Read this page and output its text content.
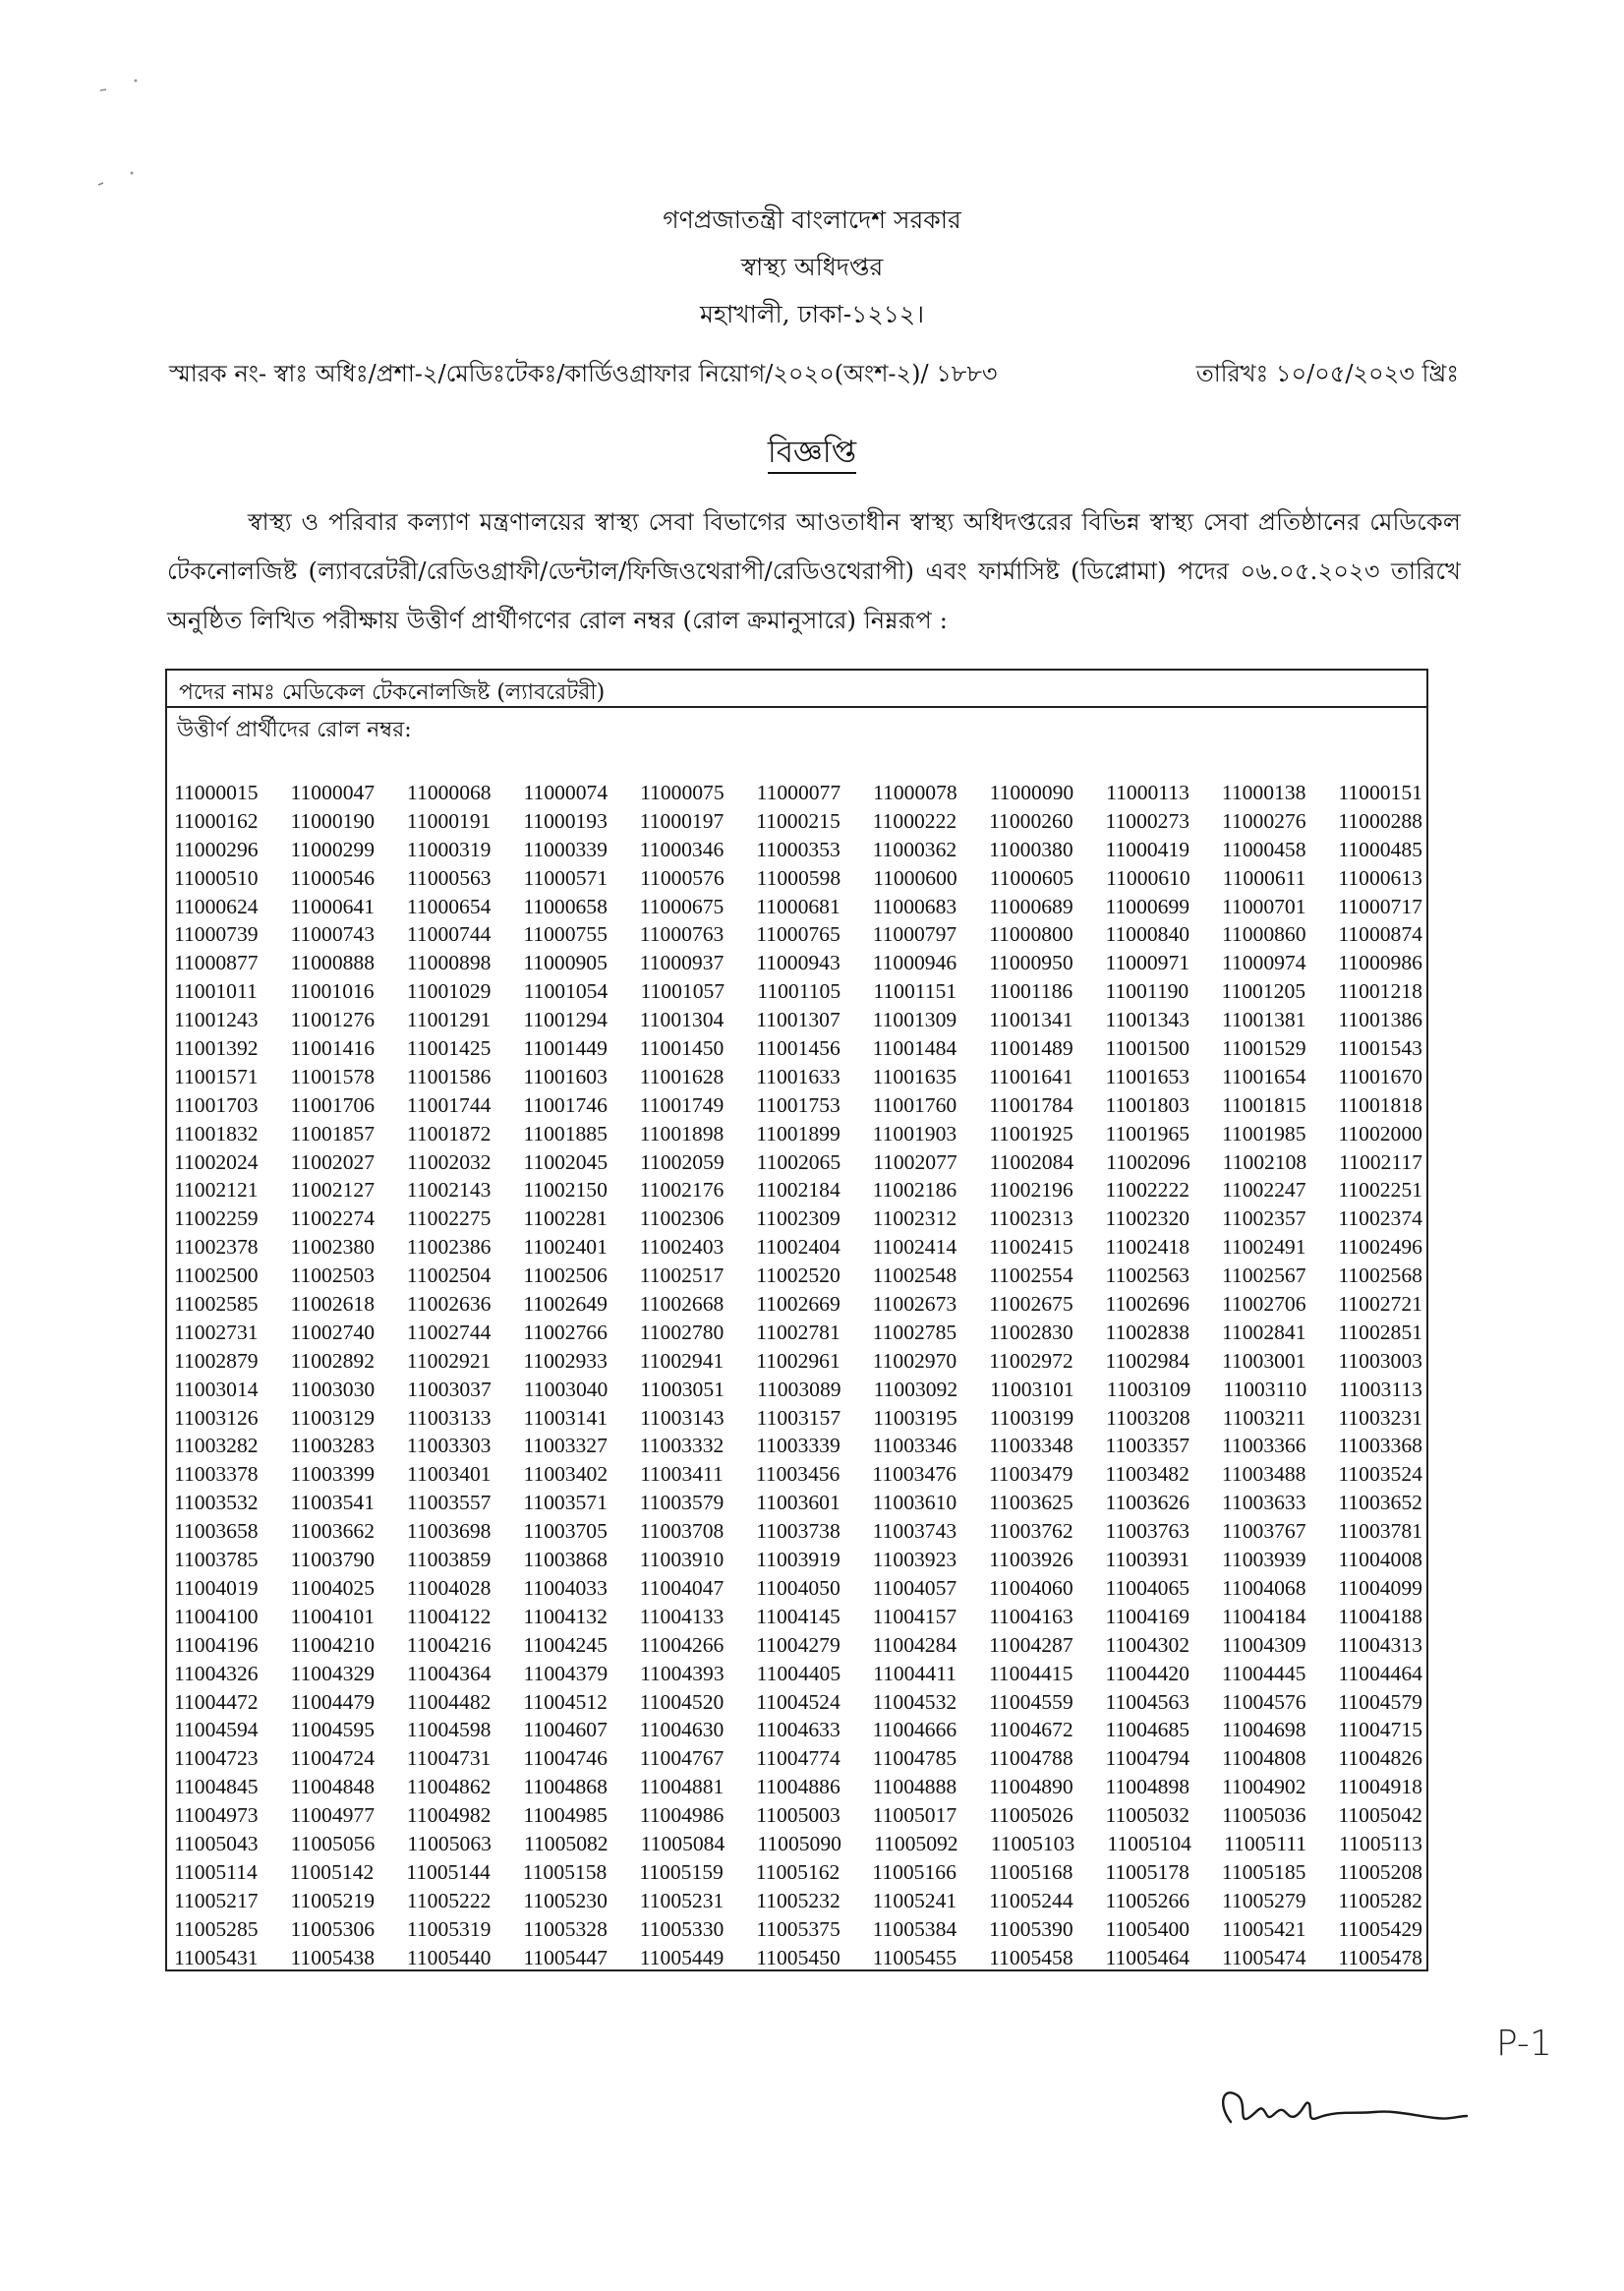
গণপ্রজাতন্ত্রী বাংলাদেশ সরকার
স্বাস্থ্য অধিদপ্তর
মহাখালী, ঢাকা-১২১২।
স্মারক নং- স্বাঃ অধিঃ/প্রশা-২/মেডিঃটেকঃ/কার্ডিওগ্রাফার নিয়োগ/২০২০(অংশ-২)/ ১৮৮৩	তারিখঃ ১০/০৫/২০২৩ খ্রিঃ
বিজ্ঞপ্তি
স্বাস্থ্য ও পরিবার কল্যাণ মন্ত্রণালয়ের স্বাস্থ্য সেবা বিভাগের আওতাধীন স্বাস্থ্য অধিদপ্তরের বিভিন্ন স্বাস্থ্য সেবা প্রতিষ্ঠানের মেডিকেল টেকনোলজিষ্ট (ল্যাবরেটরী/রেডিওগ্রাফী/ডেন্টাল/ফিজিওথেরাপী/রেডিওথেরাপী) এবং ফার্মাসিষ্ট (ডিপ্লোমা) পদের ০৬.০৫.২০২৩ তারিখে অনুষ্ঠিত লিখিত পরীক্ষায় উত্তীর্ণ প্রার্থীগণের রোল নম্বর (রোল ক্রমানুসারে) নিম্নরূপ :
পদের নামঃ মেডিকেল টেকনোলজিষ্ট (ল্যাবরেটরী)
উত্তীর্ণ প্রার্থীদের রোল নম্বর:
11000015 11000047 11000068 11000074 11000075 11000077 11000078 11000090 11000113 11000138 11000151
11000162 11000190 11000191 11000193 11000197 11000215 11000222 11000260 11000273 11000276 11000288
11000296 11000299 11000319 11000339 11000346 11000353 11000362 11000380 11000419 11000458 11000485
11000510 11000546 11000563 11000571 11000576 11000598 11000600 11000605 11000610 11000611 11000613
11000624 11000641 11000654 11000658 11000675 11000681 11000683 11000689 11000699 11000701 11000717
11000739 11000743 11000744 11000755 11000763 11000765 11000797 11000800 11000840 11000860 11000874
11000877 11000888 11000898 11000905 11000937 11000943 11000946 11000950 11000971 11000974 11000986
11001011 11001016 11001029 11001054 11001057 11001105 11001151 11001186 11001190 11001205 11001218
11001243 11001276 11001291 11001294 11001304 11001307 11001309 11001341 11001343 11001381 11001386
11001392 11001416 11001425 11001449 11001450 11001456 11001484 11001489 11001500 11001529 11001543
11001571 11001578 11001586 11001603 11001628 11001633 11001635 11001641 11001653 11001654 11001670
11001703 11001706 11001744 11001746 11001749 11001753 11001760 11001784 11001803 11001815 11001818
11001832 11001857 11001872 11001885 11001898 11001899 11001903 11001925 11001965 11001985 11002000
11002024 11002027 11002032 11002045 11002059 11002065 11002077 11002084 11002096 11002108 11002117
11002121 11002127 11002143 11002150 11002176 11002184 11002186 11002196 11002222 11002247 11002251
11002259 11002274 11002275 11002281 11002306 11002309 11002312 11002313 11002320 11002357 11002374
11002378 11002380 11002386 11002401 11002403 11002404 11002414 11002415 11002418 11002491 11002496
11002500 11002503 11002504 11002506 11002517 11002520 11002548 11002554 11002563 11002567 11002568
11002585 11002618 11002636 11002649 11002668 11002669 11002673 11002675 11002696 11002706 11002721
11002731 11002740 11002744 11002766 11002780 11002781 11002785 11002830 11002838 11002841 11002851
11002879 11002892 11002921 11002933 11002941 11002961 11002970 11002972 11002984 11003001 11003003
11003014 11003030 11003037 11003040 11003051 11003089 11003092 11003101 11003109 11003110 11003113
11003126 11003129 11003133 11003141 11003143 11003157 11003195 11003199 11003208 11003211 11003231
11003282 11003283 11003303 11003327 11003332 11003339 11003346 11003348 11003357 11003366 11003368
11003378 11003399 11003401 11003402 11003411 11003456 11003476 11003479 11003482 11003488 11003524
11003532 11003541 11003557 11003571 11003579 11003601 11003610 11003625 11003626 11003633 11003652
11003658 11003662 11003698 11003705 11003708 11003738 11003743 11003762 11003763 11003767 11003781
11003785 11003790 11003859 11003868 11003910 11003919 11003923 11003926 11003931 11003939 11004008
11004019 11004025 11004028 11004033 11004047 11004050 11004057 11004060 11004065 11004068 11004099
11004100 11004101 11004122 11004132 11004133 11004145 11004157 11004163 11004169 11004184 11004188
11004196 11004210 11004216 11004245 11004266 11004279 11004284 11004287 11004302 11004309 11004313
11004326 11004329 11004364 11004379 11004393 11004405 11004411 11004415 11004420 11004445 11004464
11004472 11004479 11004482 11004512 11004520 11004524 11004532 11004559 11004563 11004576 11004579
11004594 11004595 11004598 11004607 11004630 11004633 11004666 11004672 11004685 11004698 11004715
11004723 11004724 11004731 11004746 11004767 11004774 11004785 11004788 11004794 11004808 11004826
11004845 11004848 11004862 11004868 11004881 11004886 11004888 11004890 11004898 11004902 11004918
11004973 11004977 11004982 11004985 11004986 11005003 11005017 11005026 11005032 11005036 11005042
11005043 11005056 11005063 11005082 11005084 11005090 11005092 11005103 11005104 11005111 11005113
11005114 11005142 11005144 11005158 11005159 11005162 11005166 11005168 11005178 11005185 11005208
11005217 11005219 11005222 11005230 11005231 11005232 11005241 11005244 11005266 11005279 11005282
11005285 11005306 11005319 11005328 11005330 11005375 11005384 11005390 11005400 11005421 11005429
11005431 11005438 11005440 11005447 11005449 11005450 11005455 11005458 11005464 11005474 11005478
P-1
